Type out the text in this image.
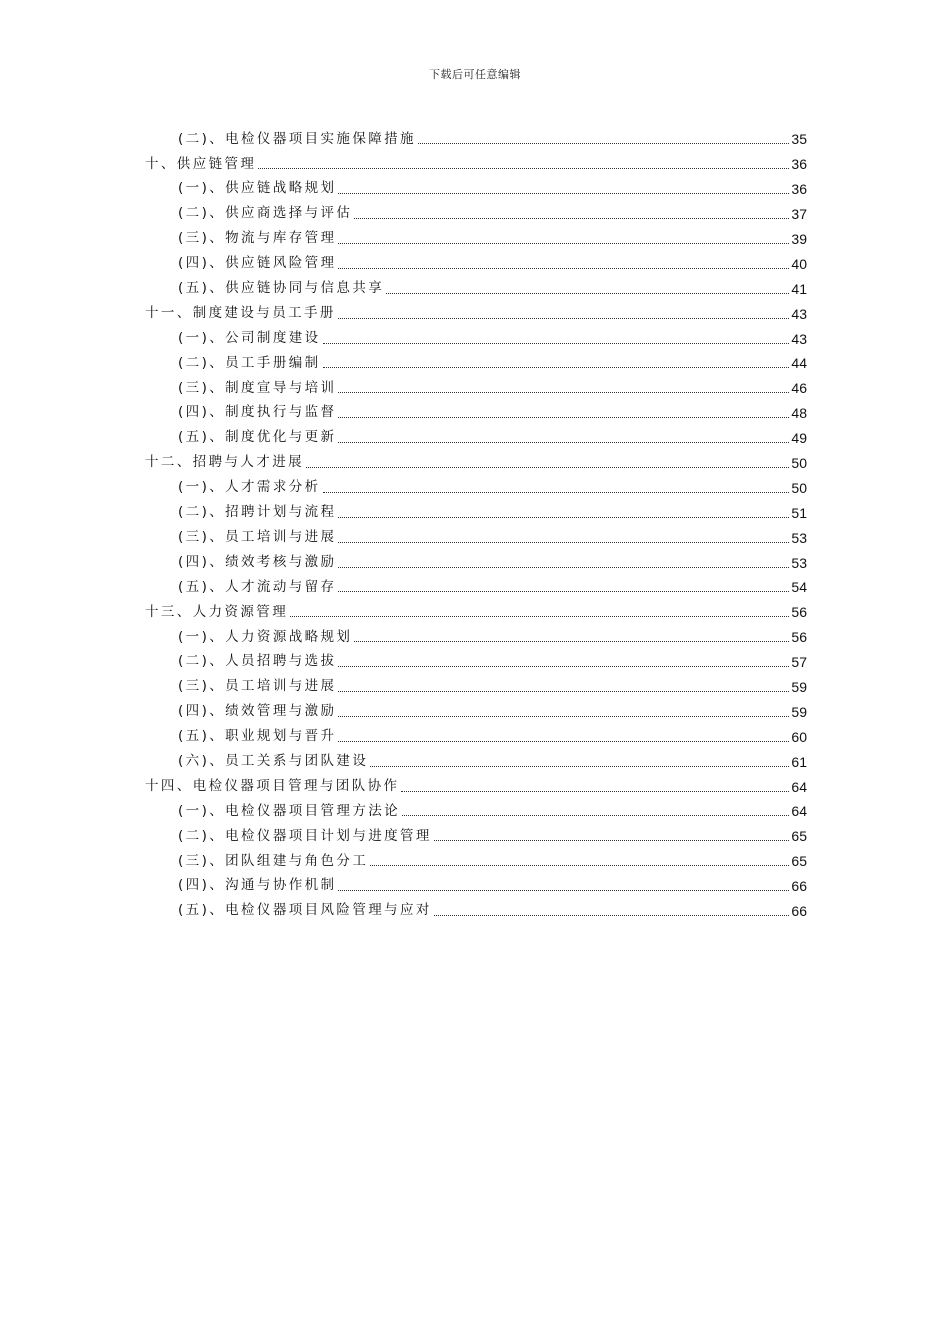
下载后可任意编辑
(二)、电检仪器项目实施保障措施	35
十、供应链管理	36
(一)、供应链战略规划	36
(二)、供应商选择与评估	37
(三)、物流与库存管理	39
(四)、供应链风险管理	40
(五)、供应链协同与信息共享	41
十一、制度建设与员工手册	43
(一)、公司制度建设	43
(二)、员工手册编制	44
(三)、制度宣导与培训	46
(四)、制度执行与监督	48
(五)、制度优化与更新	49
十二、招聘与人才进展	50
(一)、人才需求分析	50
(二)、招聘计划与流程	51
(三)、员工培训与进展	53
(四)、绩效考核与激励	53
(五)、人才流动与留存	54
十三、人力资源管理	56
(一)、人力资源战略规划	56
(二)、人员招聘与选拔	57
(三)、员工培训与进展	59
(四)、绩效管理与激励	59
(五)、职业规划与晋升	60
(六)、员工关系与团队建设	61
十四、电检仪器项目管理与团队协作	64
(一)、电检仪器项目管理方法论	64
(二)、电检仪器项目计划与进度管理	65
(三)、团队组建与角色分工	65
(四)、沟通与协作机制	66
(五)、电检仪器项目风险管理与应对	66
